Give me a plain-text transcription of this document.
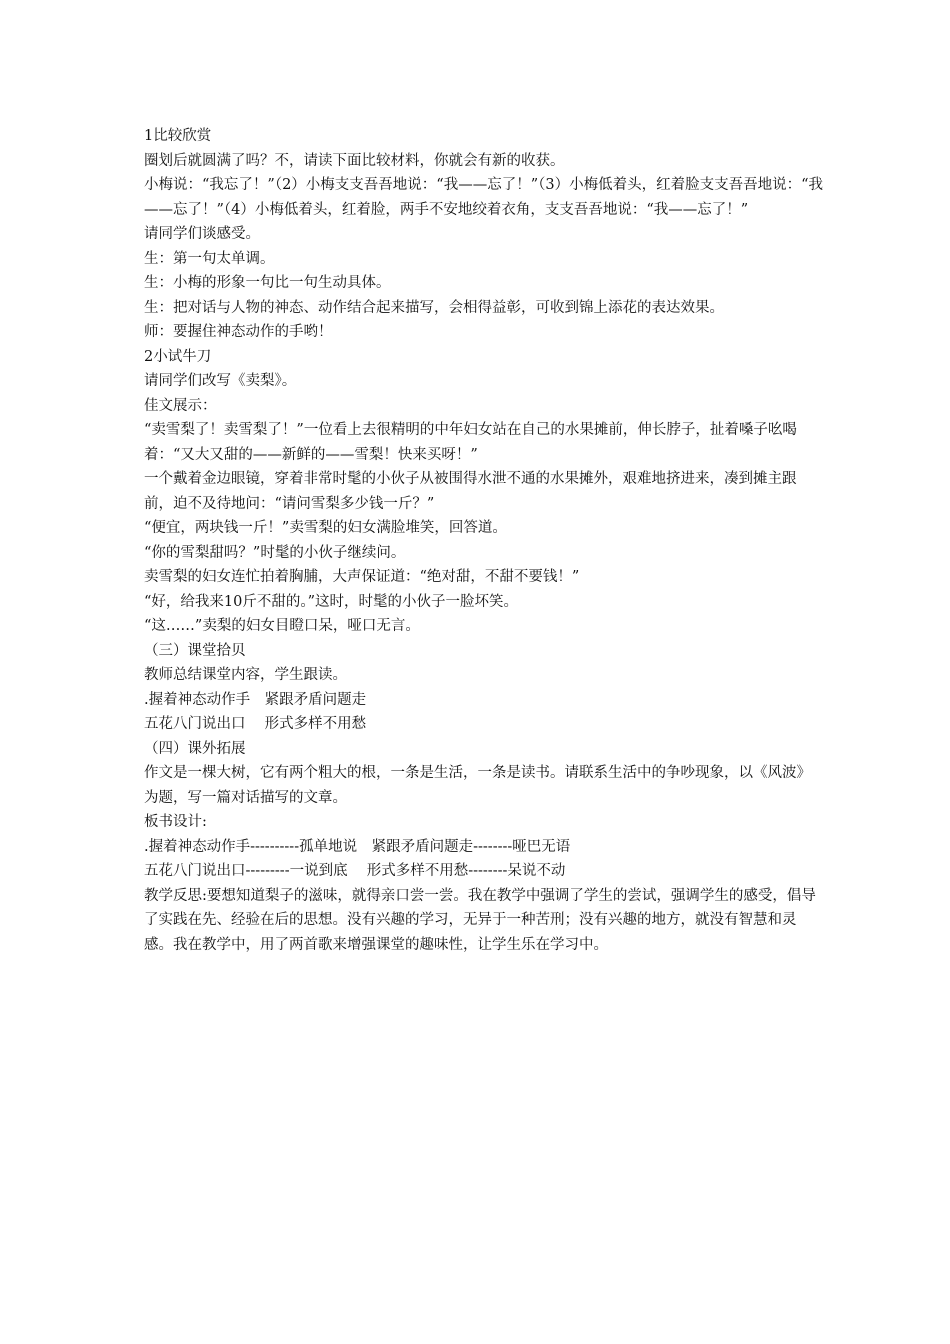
1比较欣赏

圈划后就圆满了吗？不，请读下面比较材料，你就会有新的收获。

小梅说：“我忘了！”（2）小梅支支吾吾地说：“我——忘了！”（3）小梅低着头，红着脸支支吾吾地说：“我——忘了！”（4）小梅低着头，红着脸，两手不安地绞着衣角，支支吾吾地说：“我——忘了！”

请同学们谈感受。

生：第一句太单调。

生：小梅的形象一句比一句生动具体。

生：把对话与人物的神态、动作结合起来描写，会相得益彰，可收到锦上添花的表达效果。

师：要握住神态动作的手哟！

2小试牛刀

请同学们改写《卖梨》。

佳文展示：

“卖雪梨了！卖雪梨了！”一位看上去很精明的中年妇女站在自己的水果摊前，伸长脖子，扯着嗓子吆喝着：“又大又甜的——新鲜的——雪梨！快来买呀！”

一个戴着金边眼镜，穿着非常时髦的小伙子从被围得水泄不通的水果摊外，艰难地挤进来，凑到摊主跟前，迫不及待地问：“请问雪梨多少钱一斤？”

“便宜，两块钱一斤！”卖雪梨的妇女满脸堆笑，回答道。

“你的雪梨甜吗？”时髦的小伙子继续问。

卖雪梨的妇女连忙拍着胸脯，大声保证道：“绝对甜，不甜不要钱！”

“好，给我来10斤不甜的。”这时，时髦的小伙子一脸坏笑。

“这……”卖梨的妇女目瞪口呆，哑口无言。

（三）课堂拾贝

教师总结课堂内容，学生跟读。

.握着神态动作手　紧跟矛盾问题走

五花八门说出口　 形式多样不用愁

（四）课外拓展

作文是一棵大树，它有两个粗大的根，一条是生活，一条是读书。请联系生活中的争吵现象，以《风波》为题，写一篇对话描写的文章。

板书设计:

.握着神态动作手----------孤单地说　紧跟矛盾问题走--------哑巴无语

五花八门说出口---------一说到底　 形式多样不用愁--------呆说不动

教学反思:要想知道梨子的滋味，就得亲口尝一尝。我在教学中强调了学生的尝试，强调学生的感受，倡导了实践在先、经验在后的思想。没有兴趣的学习，无异于一种苦刑；没有兴趣的地方，就没有智慧和灵感。我在教学中，用了两首歌来增强课堂的趣味性，让学生乐在学习中。
